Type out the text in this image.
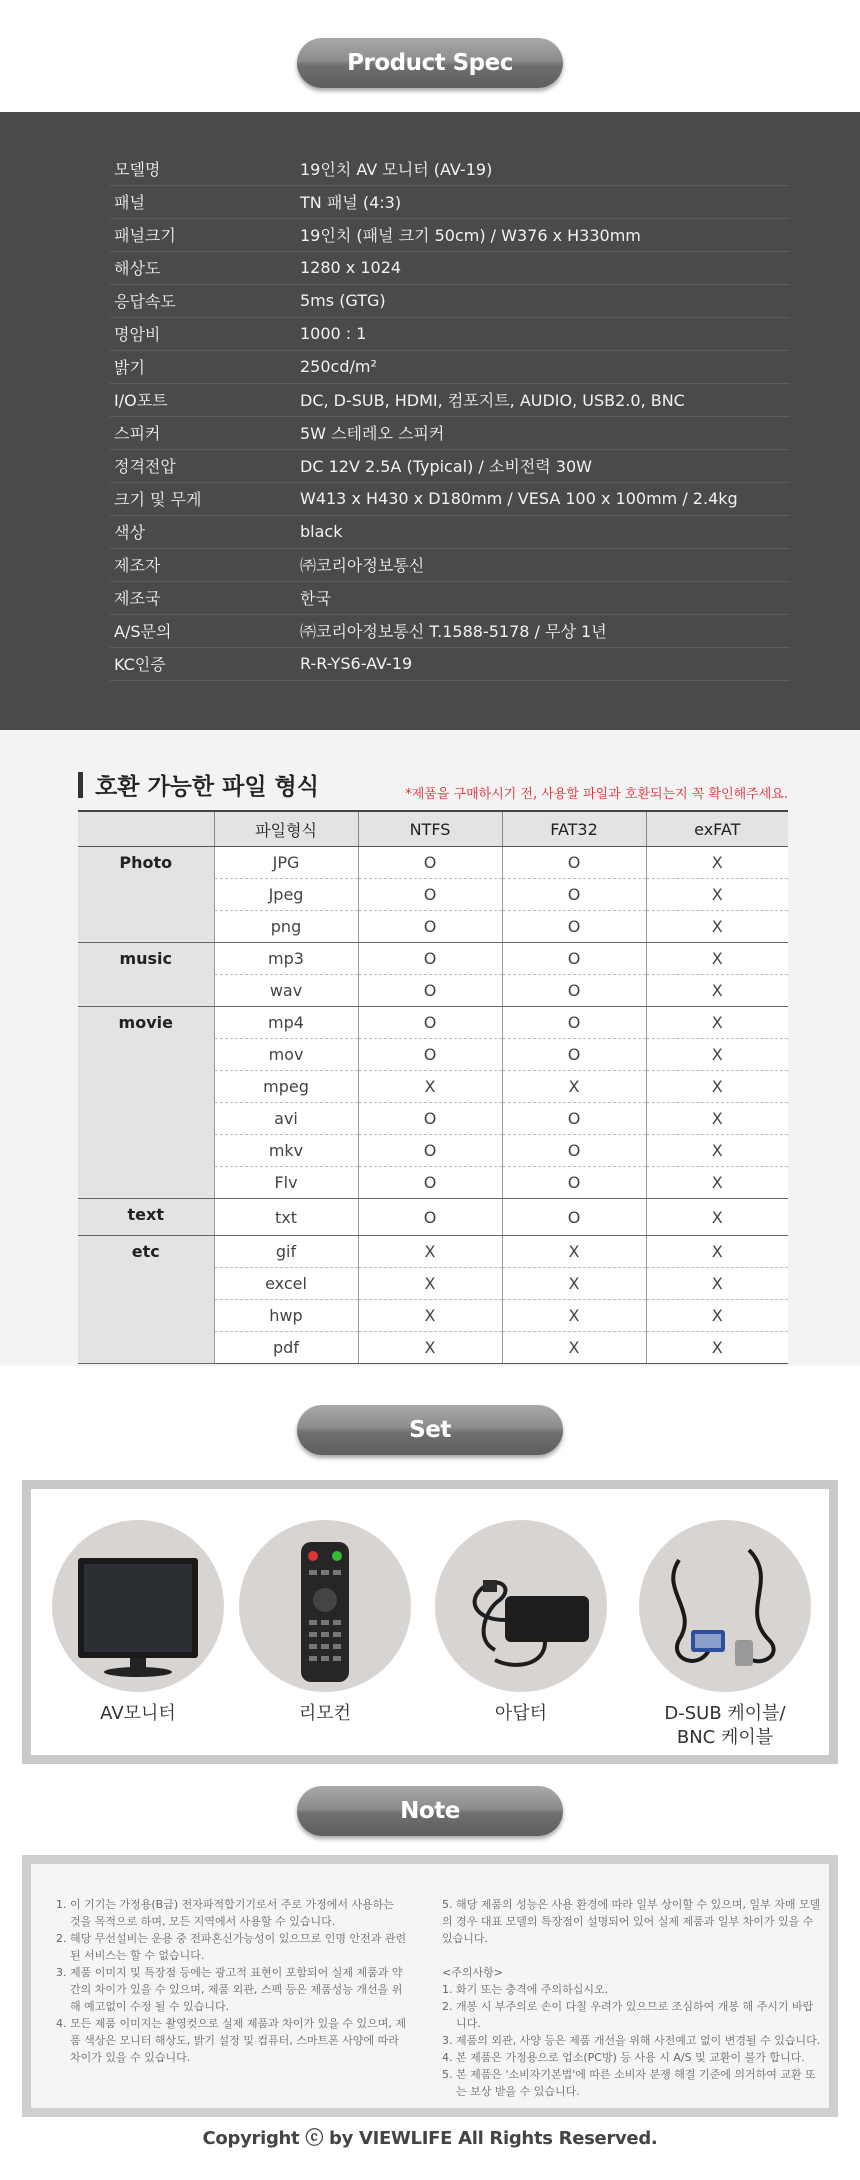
Product Spec
모델명	19인치 AV 모니터 (AV-19)
패널	TN 패널 (4:3)
패널크기	19인치 (패널 크기 50cm) / W376 x H330mm
해상도	1280 x 1024
응답속도	5ms (GTG)
명암비	1000 : 1
밝기	250cd/m²
I/O포트	DC, D-SUB, HDMI, 컴포지트, AUDIO, USB2.0, BNC
스피커	5W 스테레오 스피커
정격전압	DC 12V 2.5A (Typical) / 소비전력 30W
크기 및 무게	W413 x H430 x D180mm / VESA 100 x 100mm / 2.4kg
색상	black
제조자	㈜코리아정보통신
제조국	한국
A/S문의	㈜코리아정보통신 T.1588-5178 / 무상 1년
KC인증	R-R-YS6-AV-19
호환 가능한 파일 형식	*제품을 구매하시기 전, 사용할 파일과 호환되는지 꼭 확인해주세요.
	파일형식	NTFS	FAT32	exFAT
Photo	JPG	O	O	X
	Jpeg	O	O	X
	png	O	O	X
music	mp3	O	O	X
	wav	O	O	X
movie	mp4	O	O	X
	mov	O	O	X
	mpeg	X	X	X
	avi	O	O	X
	mkv	O	O	X
	Flv	O	O	X
text	txt	O	O	X
etc	gif	X	X	X
	excel	X	X	X
	hwp	X	X	X
	pdf	X	X	X
Set
AV모니터	리모컨	아답터	D-SUB 케이블/
BNC 케이블
Note
1. 이 기기는 가정용(B급) 전자파적합기기로서 주로 가정에서 사용하는 것을 목적으로 하며, 모든 지역에서 사용할 수 있습니다.
2. 해당 무선설비는 운용 중 전파혼신가능성이 있으므로 인명 안전과 관련 된 서비스는 할 수 없습니다.
3. 제품 이미지 및 특장점 등에는 광고적 표현이 포함되어 실제 제품과 약간의 차이가 있을 수 있으며, 제품 외관, 스펙 등은 제품성능 개선을 위해 예고없이 수정 될 수 있습니다.
4. 모든 제품 이미지는 촬영컷으로 실제 제품과 차이가 있을 수 있으며, 제품 색상은 모니터 해상도, 밝기 설정 및 컴퓨터, 스마트폰 사양에 따라 차이가 있을 수 있습니다.

5. 해당 제품의 성능은 사용 환경에 따라 일부 상이할 수 있으며, 일부 자매 모델의 경우 대표 모델의 특장점이 설명되어 있어 실제 제품과 일부 차이가 있을 수 있습니다.

<주의사항>

1. 화기 또는 충격에 주의하십시오.
2. 개봉 시 부주의로 손이 다칠 우려가 있으므로 조심하여 개봉 해 주시기 바랍니다.
3. 제품의 외관, 사양 등은 제품 개선을 위해 사전예고 없이 변경될 수 있습니다.
4. 본 제품은 가정용으로 업소(PC방) 등 사용 시 A/S 및 교환이 불가 합니다.
5. 본 제품은 '소비자기본법'에 따른 소비자 분쟁 해결 기준에 의거하여 교환 또는 보상 받을 수 있습니다.
Copyright ⓒ by VIEWLIFE All Rights Reserved.
